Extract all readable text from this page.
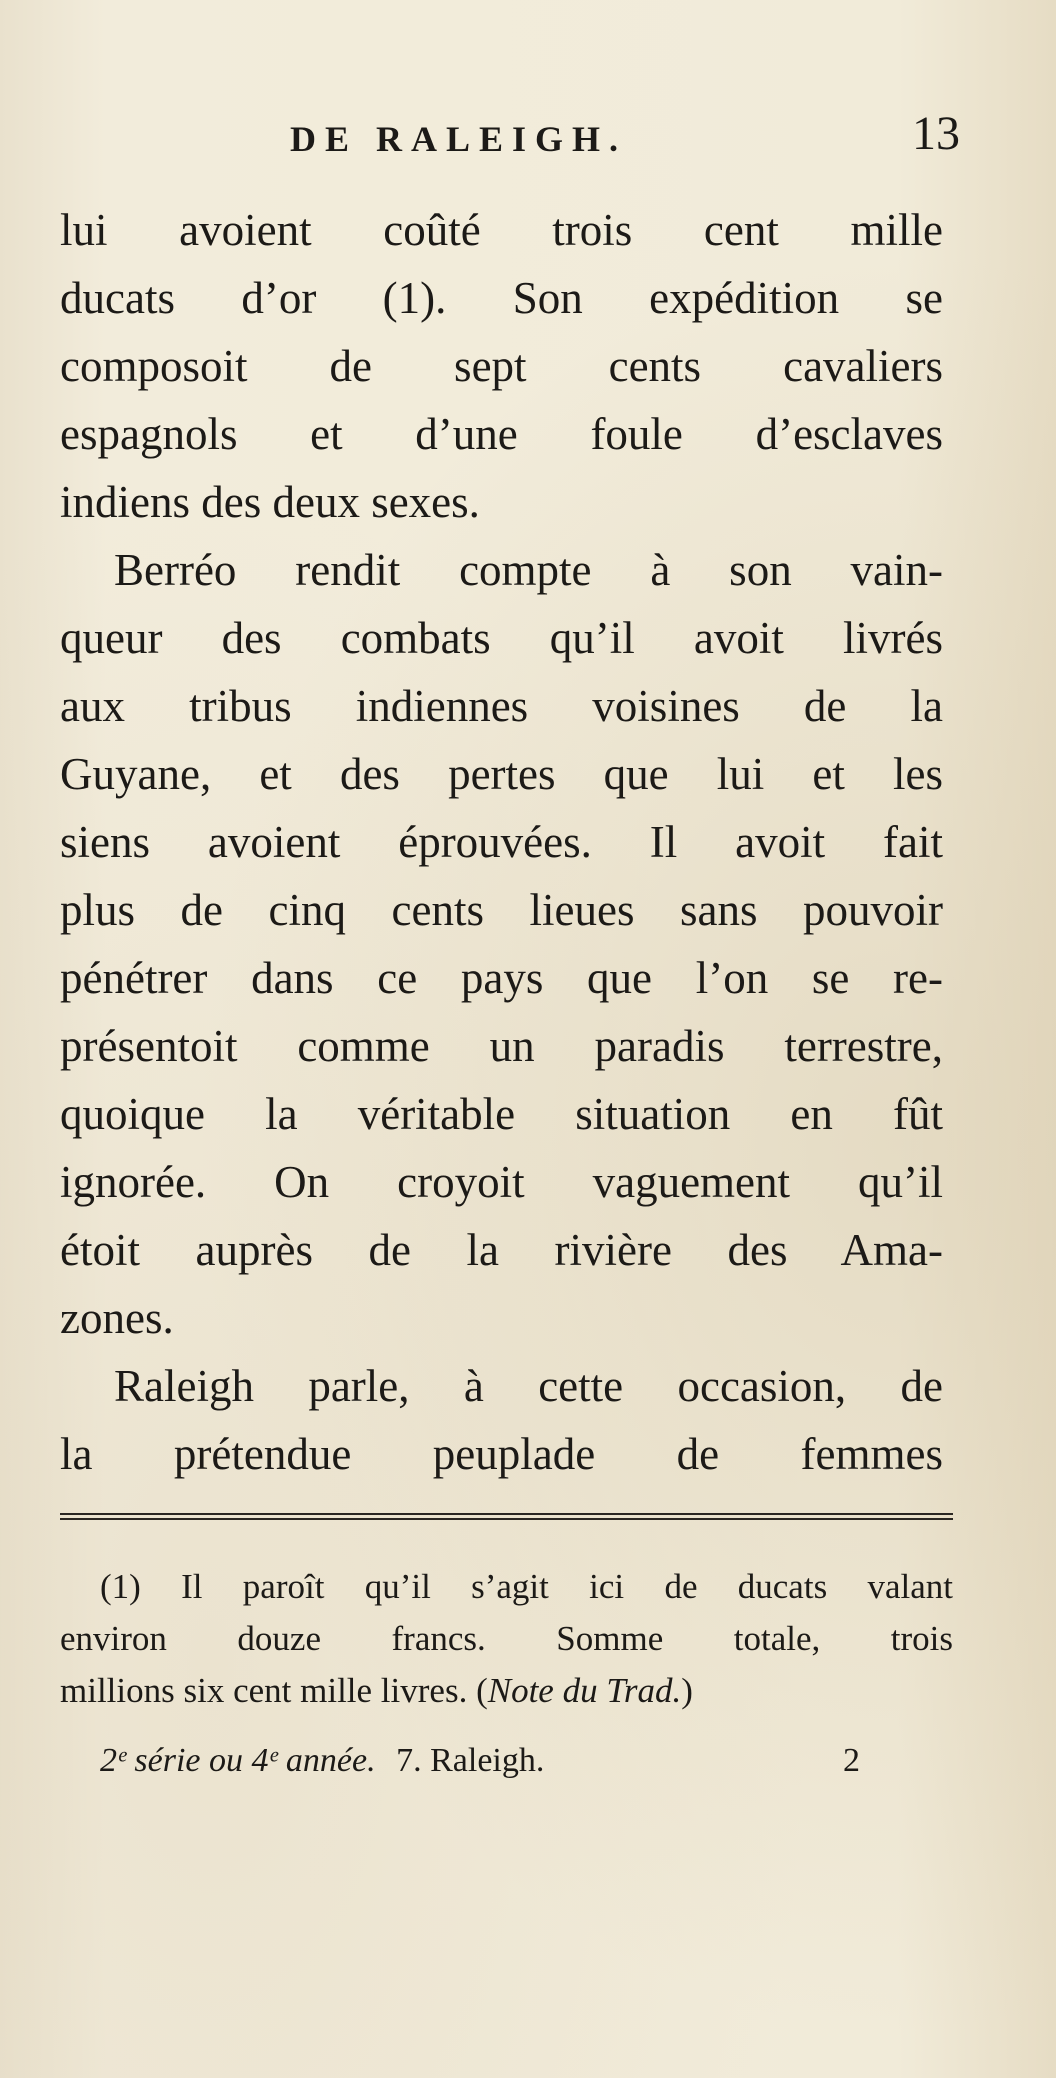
DE RALEIGH.	13
lui avoient coûté trois cent mille
ducats d’or (1). Son expédition se
composoit de sept cents cavaliers
espagnols et d’une foule d’esclaves
indiens des deux sexes.
Berréo rendit compte à son vain-
queur des combats qu’il avoit livrés
aux tribus indiennes voisines de la
Guyane, et des pertes que lui et les
siens avoient éprouvées. Il avoit fait
plus de cinq cents lieues sans pouvoir
pénétrer dans ce pays que l’on se re-
présentoit comme un paradis terrestre,
quoique la véritable situation en fût
ignorée. On croyoit vaguement qu’il
étoit auprès de la rivière des Ama-
zones.
Raleigh parle, à cette occasion, de
la prétendue peuplade de femmes
(1) Il paroît qu’il s’agit ici de ducats valant
environ douze francs. Somme totale, trois
millions six cent mille livres. (Note du Trad.)
2ᵉ série ou 4ᵉ année. 7. Raleigh.	2
